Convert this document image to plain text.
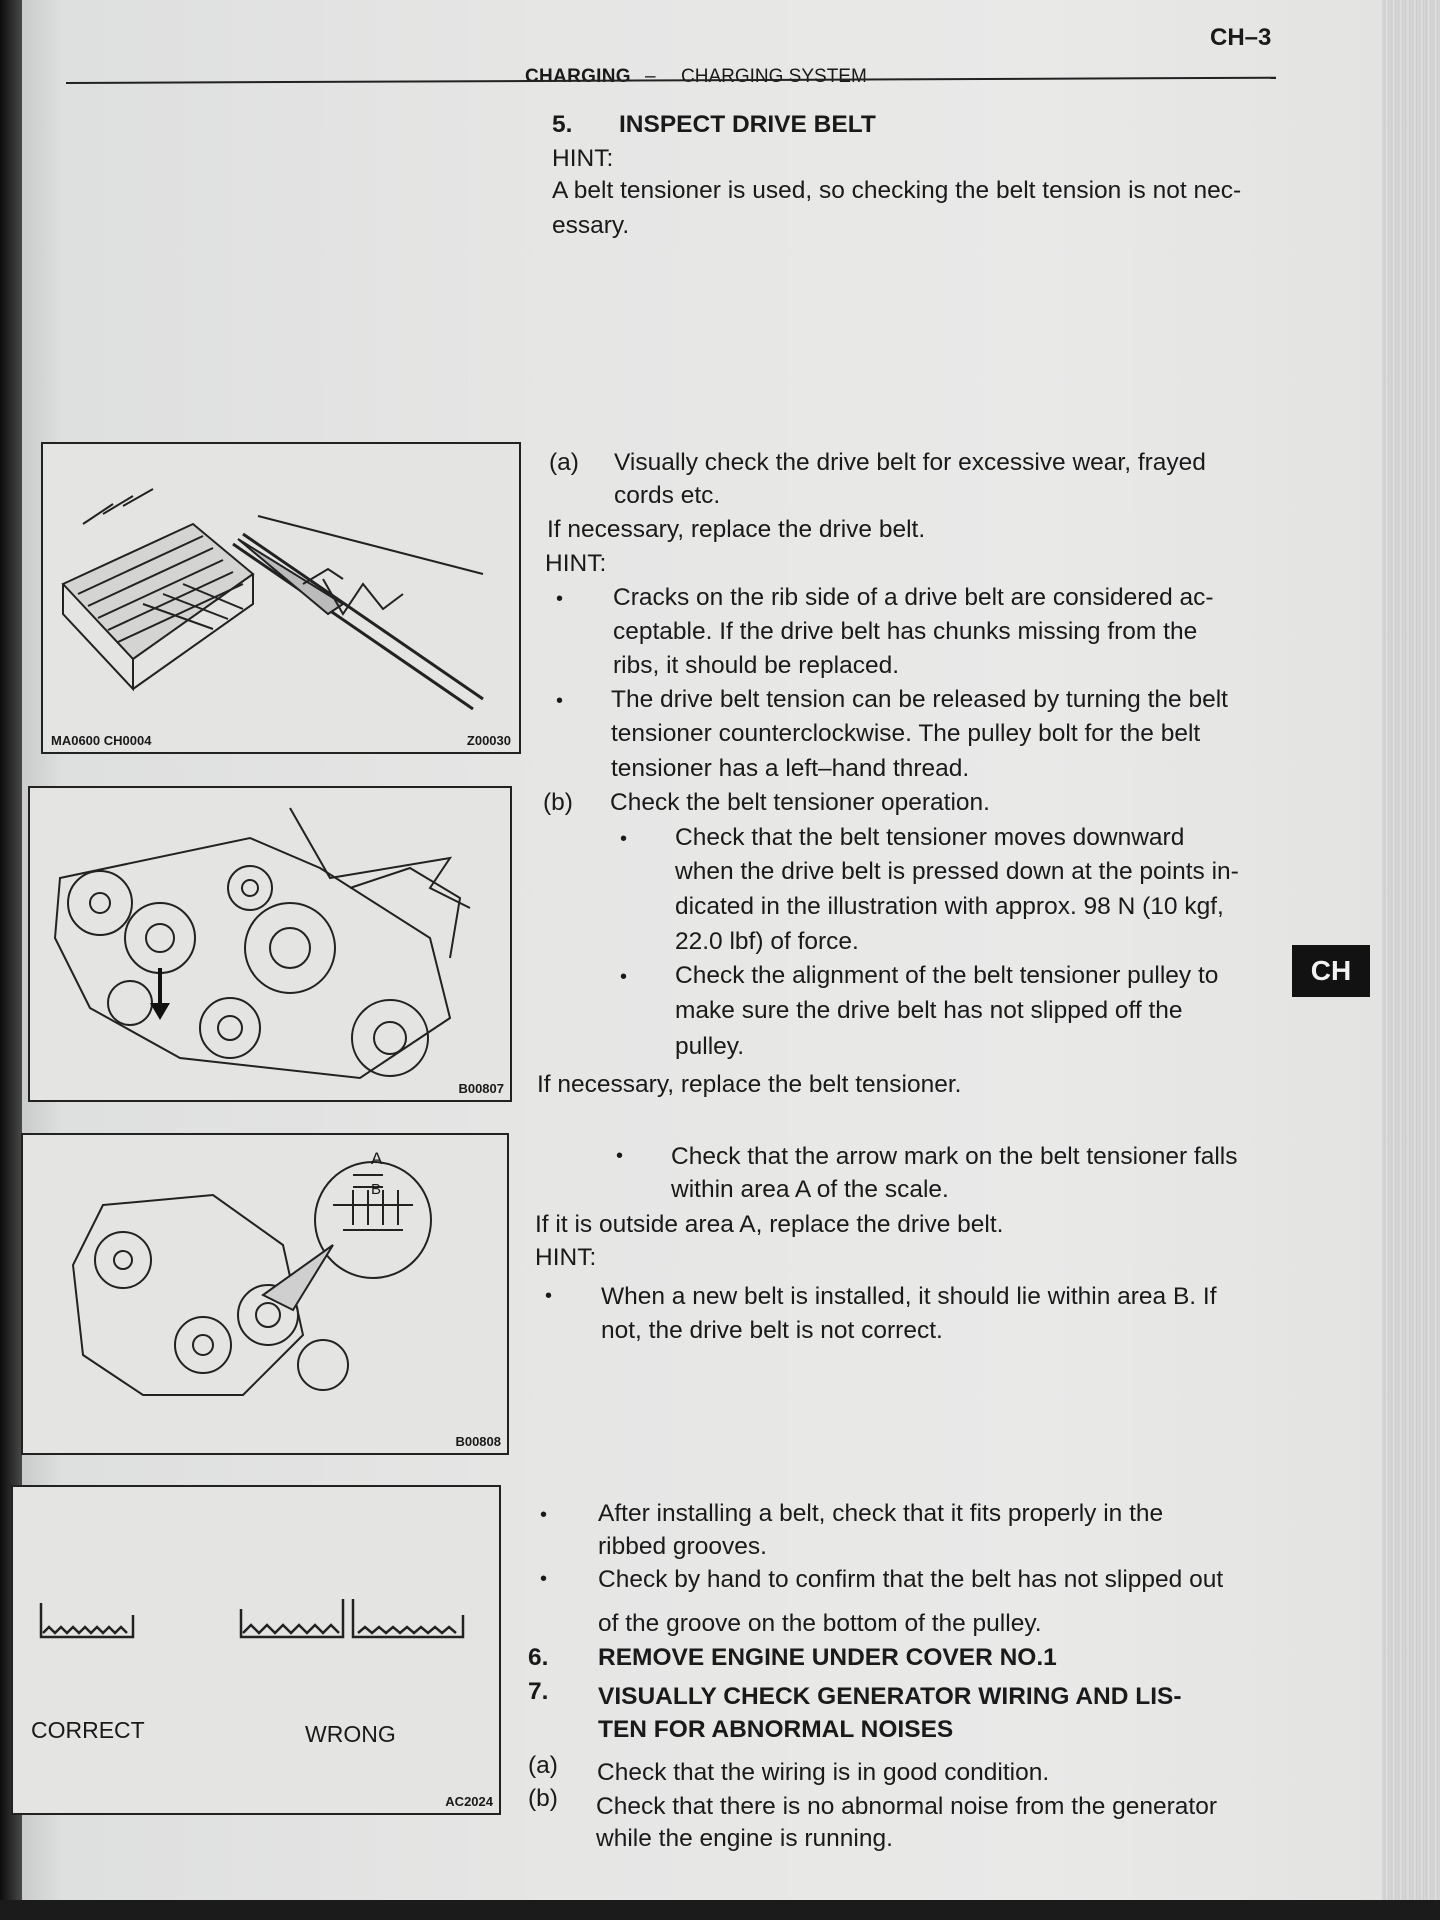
CH–3
CHARGING – CHARGING SYSTEM
5. INSPECT DRIVE BELT
HINT:
A belt tensioner is used, so checking the belt tension is not nec-
essary.
(a) Visually check the drive belt for excessive wear, frayed
cords etc.
If necessary, replace the drive belt.
HINT:
• Cracks on the rib side of a drive belt are considered ac-
ceptable. If the drive belt has chunks missing from the
ribs, it should be replaced.
• The drive belt tension can be released by turning the belt
tensioner counterclockwise. The pulley bolt for the belt
tensioner has a left–hand thread.
(b) Check the belt tensioner operation.
• Check that the belt tensioner moves downward
when the drive belt is pressed down at the points in-
dicated in the illustration with approx. 98 N (10 kgf,
22.0 lbf) of force.
• Check the alignment of the belt tensioner pulley to
make sure the drive belt has not slipped off the
pulley.
If necessary, replace the belt tensioner.
• Check that the arrow mark on the belt tensioner falls
within area A of the scale.
If it is outside area A, replace the drive belt.
HINT:
• When a new belt is installed, it should lie within area B. If
not, the drive belt is not correct.
• After installing a belt, check that it fits properly in the
ribbed grooves.
• Check by hand to confirm that the belt has not slipped out
of the groove on the bottom of the pulley.
6. REMOVE ENGINE UNDER COVER NO.1
7. VISUALLY CHECK GENERATOR WIRING AND LIS-
TEN FOR ABNORMAL NOISES
(a) Check that the wiring is in good condition.
(b) Check that there is no abnormal noise from the generator
while the engine is running.
CH
MA0600 CH0004	Z00030
B00807
A
B
B00808
CORRECT	WRONG
AC2024
